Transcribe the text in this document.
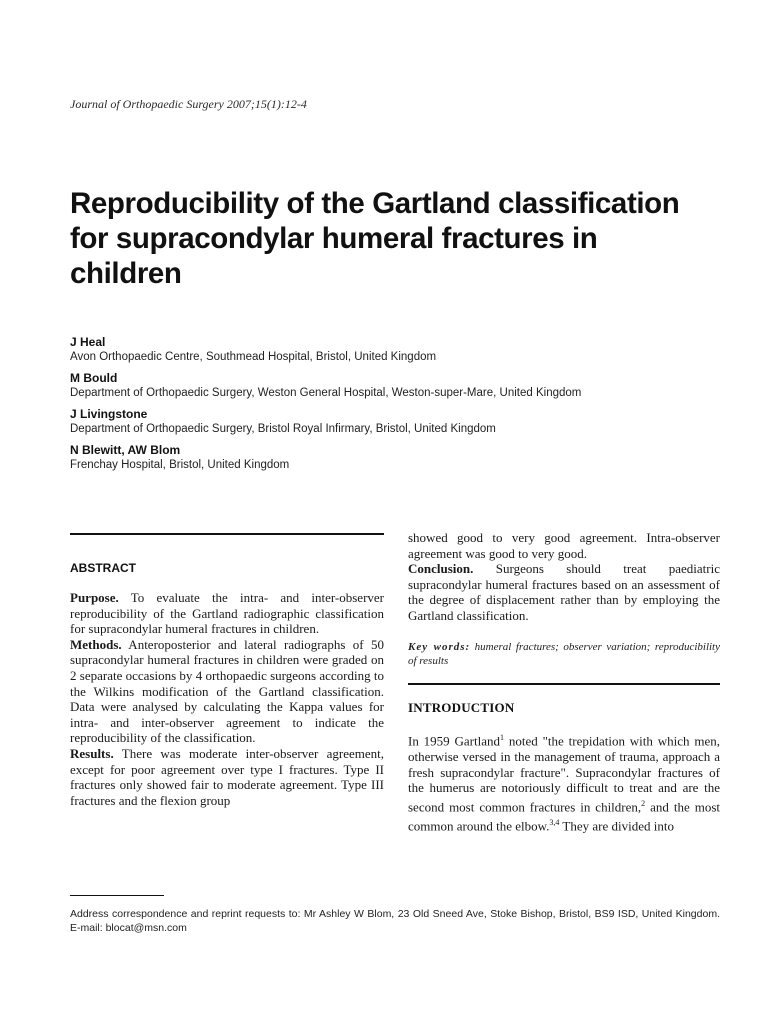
Journal of Orthopaedic Surgery 2007;15(1):12-4
Reproducibility of the Gartland classification for supracondylar humeral fractures in children
J Heal
Avon Orthopaedic Centre, Southmead Hospital, Bristol, United Kingdom
M Bould
Department of Orthopaedic Surgery, Weston General Hospital, Weston-super-Mare, United Kingdom
J Livingstone
Department of Orthopaedic Surgery, Bristol Royal Infirmary, Bristol, United Kingdom
N Blewitt, AW Blom
Frenchay Hospital, Bristol, United Kingdom
ABSTRACT

Purpose. To evaluate the intra- and inter-observer reproducibility of the Gartland radiographic classification for supracondylar humeral fractures in children.

Methods. Anteroposterior and lateral radiographs of 50 supracondylar humeral fractures in children were graded on 2 separate occasions by 4 orthopaedic surgeons according to the Wilkins modification of the Gartland classification. Data were analysed by calculating the Kappa values for intra- and inter-observer agreement to indicate the reproducibility of the classification.

Results. There was moderate inter-observer agreement, except for poor agreement over type I fractures. Type II fractures only showed fair to moderate agreement. Type III fractures and the flexion group

showed good to very good agreement. Intra-observer agreement was good to very good.

Conclusion. Surgeons should treat paediatric supracondylar humeral fractures based on an assessment of the degree of displacement rather than by employing the Gartland classification.

Key words: humeral fractures; observer variation; reproducibility of results
INTRODUCTION
In 1959 Gartland$^1$ noted "the trepidation with which men, otherwise versed in the management of trauma, approach a fresh supracondylar fracture". Supracondylar fractures of the humerus are notoriously difficult to treat and are the second most common fractures in children,$^2$ and the most common around the elbow.$^{3,4}$ They are divided into
Address correspondence and reprint requests to: Mr Ashley W Blom, 23 Old Sneed Ave, Stoke Bishop, Bristol, BS9 ISD, United Kingdom. E-mail: blocat@msn.com
